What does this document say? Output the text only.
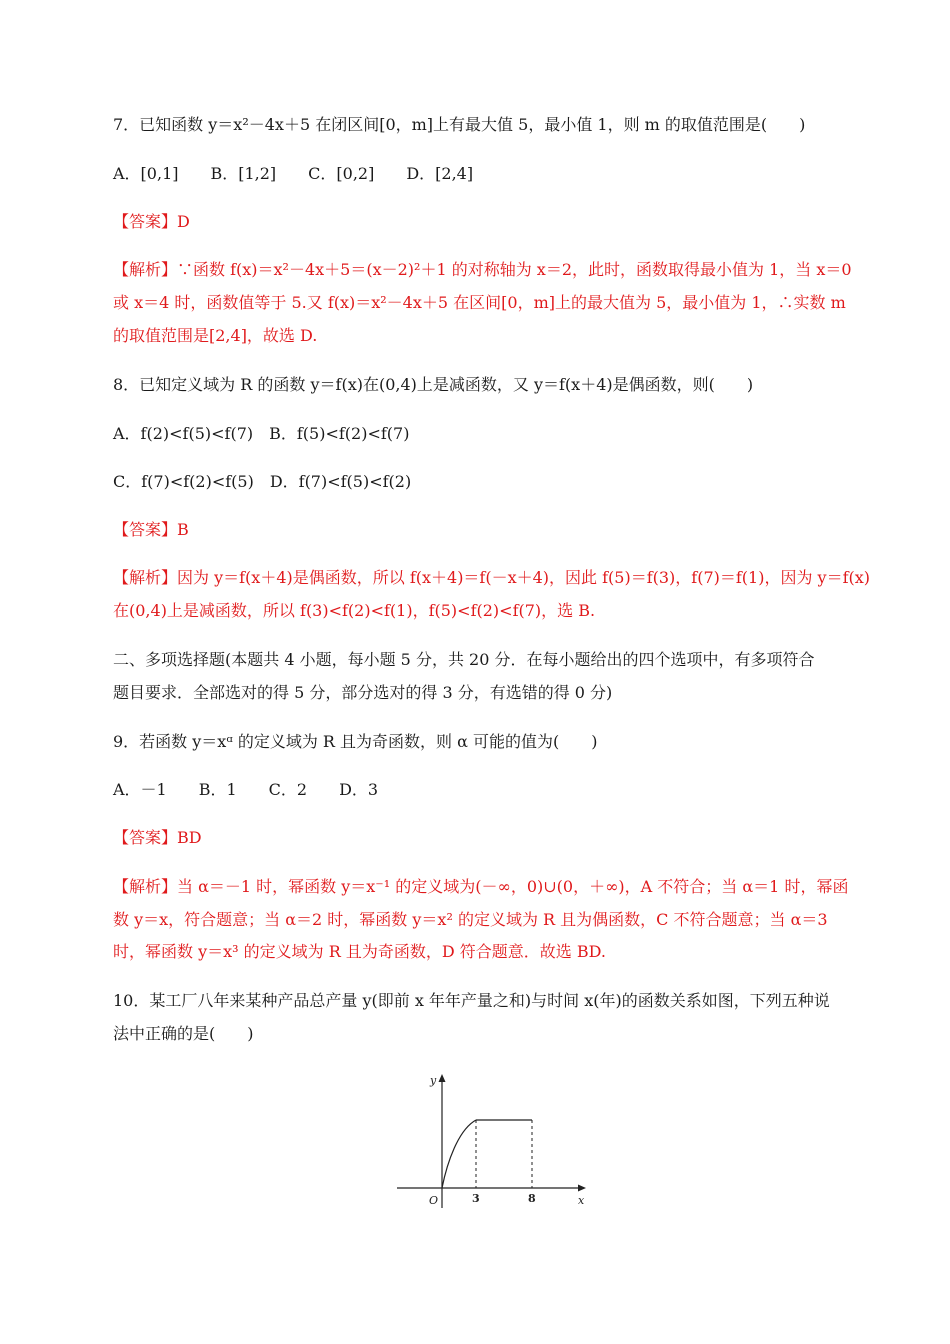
7．已知函数 y＝x²－4x＋5 在闭区间[0，m]上有最大值 5，最小值 1，则 m 的取值范围是(　　)
A．[0,1]　　B．[1,2]　　C．[0,2]　　D．[2,4]
【答案】D
【解析】∵函数 f(x)＝x²－4x＋5＝(x－2)²＋1 的对称轴为 x＝2，此时，函数取得最小值为 1，当 x＝0
或 x＝4 时，函数值等于 5.又 f(x)＝x²－4x＋5 在区间[0，m]上的最大值为 5，最小值为 1，∴实数 m
的取值范围是[2,4]，故选 D.
8．已知定义域为 R 的函数 y＝f(x)在(0,4)上是减函数，又 y＝f(x＋4)是偶函数，则(　　)
A．f(2)<f(5)<f(7)　B．f(5)<f(2)<f(7)
C．f(7)<f(2)<f(5)　D．f(7)<f(5)<f(2)
【答案】B
【解析】因为 y＝f(x＋4)是偶函数，所以 f(x＋4)＝f(－x＋4)，因此 f(5)＝f(3)，f(7)＝f(1)，因为 y＝f(x)
在(0,4)上是减函数，所以 f(3)<f(2)<f(1)，f(5)<f(2)<f(7)，选 B.
二、多项选择题(本题共 4 小题，每小题 5 分，共 20 分．在每小题给出的四个选项中，有多项符合
题目要求．全部选对的得 5 分，部分选对的得 3 分，有选错的得 0 分)
9．若函数 y＝xᵅ 的定义域为 R 且为奇函数，则 α 可能的值为(　　)
A．－1　　B．1　　C．2　　D．3
【答案】BD
【解析】当 α＝－1 时，幂函数 y＝x⁻¹ 的定义域为(－∞，0)∪(0，＋∞)，A 不符合；当 α＝1 时，幂函
数 y＝x，符合题意；当 α＝2 时，幂函数 y＝x² 的定义域为 R 且为偶函数，C 不符合题意；当 α＝3
时，幂函数 y＝x³ 的定义域为 R 且为奇函数，D 符合题意．故选 BD.
10．某工厂八年来某种产品总产量 y(即前 x 年年产量之和)与时间 x(年)的函数关系如图，下列五种说
法中正确的是(　　)
y
x
O	3	8
